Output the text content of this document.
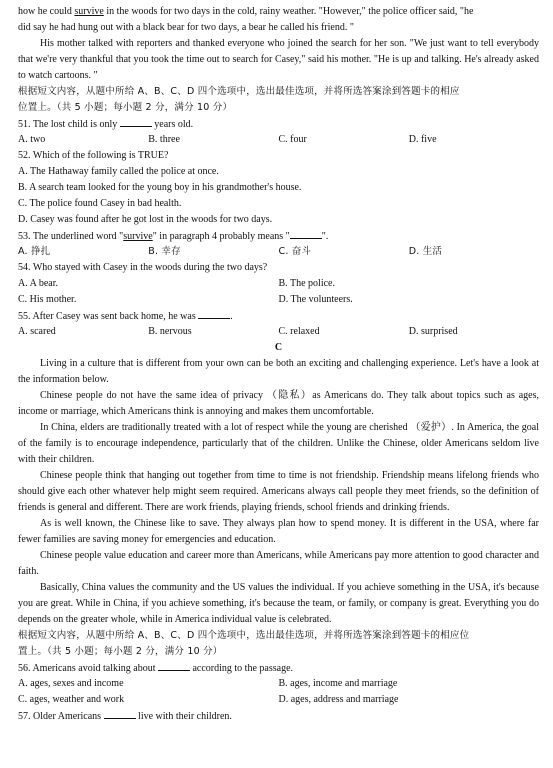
how he could survive in the woods for two days in the cold, rainy weather. "However," the police officer said, "he
did say he had hung out with a black bear for two days, a bear he called his friend. "
His mother talked with reporters and thanked everyone who joined the search for her son. "We just want to tell everybody that we're very thankful that you took the time out to search for Casey," said his mother. "He is up and talking. He's already asked to watch cartoons. "
根据短文内容，从题中所给 A、B、C、D 四个选项中，选出最佳选项，并将所选答案涂到答题卡的相应
位置上。（共 5 小题；每小题 2 分，满分 10 分）
51. The lost child is only	years old.
A. two	B. three	C. four	D. five
52. Which of the following is TRUE?
A. The Hathaway family called the police at once.
B. A search team looked for the young boy in his grandmother's house.
C. The police found Casey in bad health.
D. Casey was found after he got lost in the woods for two days.
53. The underlined word "survive" in paragraph 4 probably means "	".
A. 挣扎	B. 幸存	C. 奋斗	D. 生活
54. Who stayed with Casey in the woods during the two days?
A. A bear.	B. The police.
C. His mother.	D. The volunteers.
55. After Casey was sent back home, he was	.
A. scared	B. nervous	C. relaxed	D. surprised
C
Living in a culture that is different from your own can be both an exciting and challenging experience. Let's have a look at the information below.
Chinese people do not have the same idea of privacy （隐私）as Americans do. They talk about topics such as ages, income or marriage, which Americans think is annoying and makes them uncomfortable.
In China, elders are traditionally treated with a lot of respect while the young are cherished （爱护）. In America, the goal of the family is to encourage independence, particularly that of the children. Unlike the Chinese, older Americans seldom live with their children.
Chinese people think that hanging out together from time to time is not friendship. Friendship means lifelong friends who should give each other whatever help might seem required. Americans always call people they meet friends, so the definition of friends is general and different. There are work friends, playing friends, school friends and drinking friends.
As is well known, the Chinese like to save. They always plan how to spend money. It is different in the USA, where far fewer families are saving money for emergencies and education.
Chinese people value education and career more than Americans, while Americans pay more attention to good character and faith.
Basically, China values the community and the US values the individual. If you achieve something in the USA, it's because you are great. While in China, if you achieve something, it's because the team, or family, or company is great. Everything you do depends on the greater whole, while in America individual value is celebrated.
根据短文内容，从题中所给 A、B、C、D 四个选项中，选出最佳选项，并将所选答案涂到答题卡的相应位
置上。（共 5 小题；每小题 2 分，满分 10 分）
56. Americans avoid talking about	according to the passage.
A. ages, sexes and income	B. ages, income and marriage
C. ages, weather and work	D. ages, address and marriage
57. Older Americans	live with their children.
